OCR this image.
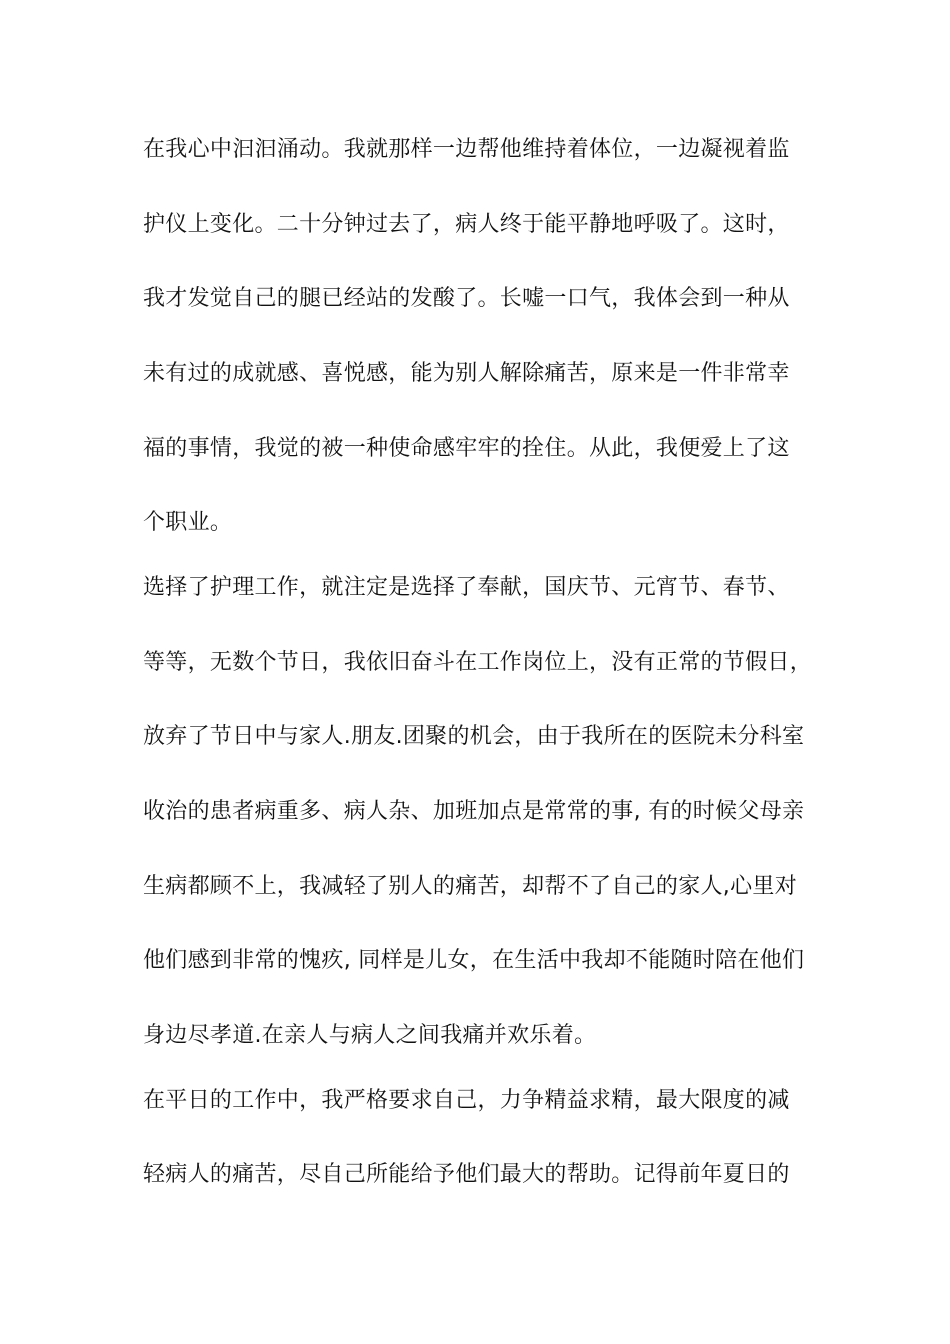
在我心中汩汩涌动。我就那样一边帮他维持着体位，一边凝视着监
护仪上变化。二十分钟过去了，病人终于能平静地呼吸了。这时，
我才发觉自己的腿已经站的发酸了。长嘘一口气，我体会到一种从
未有过的成就感、喜悦感，能为别人解除痛苦，原来是一件非常幸
福的事情，我觉的被一种使命感牢牢的拴住。从此，我便爱上了这
个职业。
选择了护理工作，就注定是选择了奉献，国庆节、元宵节、春节、
等等，无数个节日，我依旧奋斗在工作岗位上，没有正常的节假日，
放弃了节日中与家人.朋友.团聚的机会，由于我所在的医院未分科室
收治的患者病重多、病人杂、加班加点是常常的事, 有的时候父母亲
生病都顾不上，我减轻了别人的痛苦，却帮不了自己的家人,心里对
他们感到非常的愧疚, 同样是儿女，在生活中我却不能随时陪在他们
身边尽孝道.在亲人与病人之间我痛并欢乐着。
在平日的工作中，我严格要求自己，力争精益求精，最大限度的减
轻病人的痛苦，尽自己所能给予他们最大的帮助。记得前年夏日的
